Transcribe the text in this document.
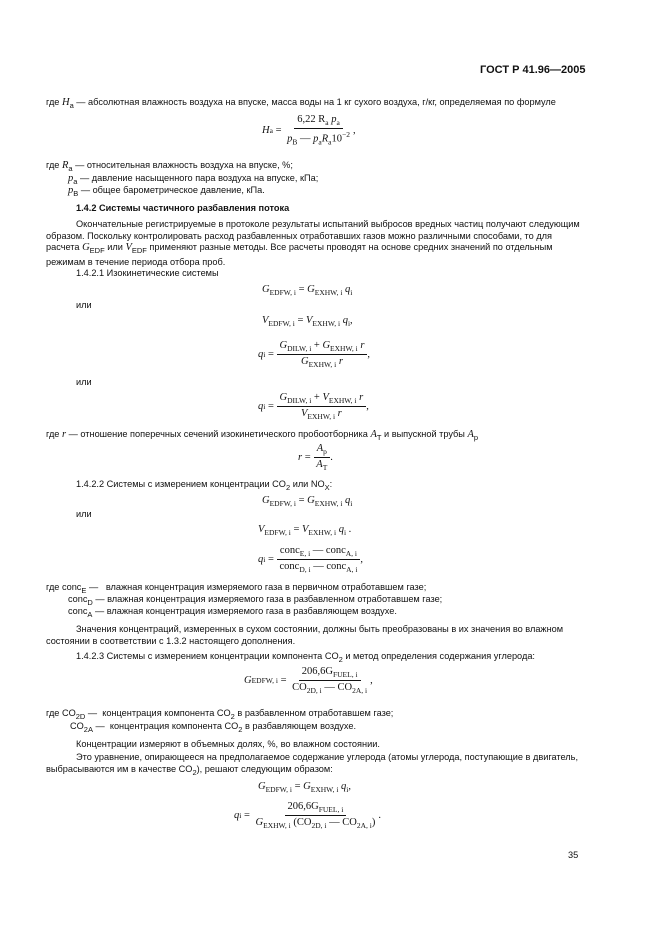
ГОСТ Р 41.96—2005
где $H_a$ — абсолютная влажность воздуха на впуске, масса воды на 1 кг сухого воздуха, г/кг, определяемая по формуле
H $a = \frac{6,22 R_a p_a}{p_B — p_aR_a10^{-2}}$ ,
где $R_a$ — относительная влажность воздуха на впуске, %;
$p_a$ — давление насыщенного пара воздуха на впуске, кПа;
$p_B$ — общее барометрическое давление, кПа.
1.4.2 Системы частичного разбавления потока
Окончательные регистрируемые в протоколе результаты испытаний выбросов вредных частиц получают следующим образом. Поскольку контролировать расход разбавленных отработавших газов можно различными способами, то для расчета $G_{EDF}$ или $V_{EDF}$ применяют разные методы. Все расчеты проводят на основе средних значений по отдельным режимам в течение периода отбора проб.
1.4.2.1 Изокинетические системы
$G_{EDFW, i} = G_{EXHW, i}$ $q_i$
или
$V_{EDFW, i} = V_{EXHW, i}$ $q_i$,
q i
=
$\frac{G_{DILW, i} + G_{EXHW, i} r}{G_{EXHW, i} r}$ ,
или
q i
=
$\frac{G_{DILW, i} + V_{EXHW, i} r}{V_{EXHW, i} r}$ ,
где r — отношение поперечных сечений изокинетического пробоотборника $A_T$ и выпускной трубы $A_p$
$r = \frac{A_p}{A_T}$ .
1.4.2.2 Системы с измерением концентрации $CO_2$ или $NO_X$:
$G_{EDFW, i} = G_{EXHW, i}$ $q_i$
или
$V_{EDFW, i} = V_{EXHW, i}$ $q_i$ .
q $i = \frac{conc_{E, i} — conc_{A, i}}{conc_{D, i} — conc_{A, i}}$ ,
где conc$_E$ —   влажная концентрация измеряемого газа в первичном отработавшем газе;
conc$_D$ — влажная концентрация измеряемого газа в разбавленном отработавшем газе;
conc$_A$ — влажная концентрация измеряемого газа в разбавляющем воздухе.
Значения концентраций, измеренных в сухом состоянии, должны быть преобразованы в их значения во влажном состоянии в соответствии с 1.3.2 настоящего дополнения.
1.4.2.3 Системы с измерением концентрации компонента $CO_2$ и метод определения содержания углерода:
G EDFW, $i = \frac{206,6G_{FUEL, i}}{CO_{2D, i} — CO_{2A, i}}$ ,
где $CO_{2D}$ —  концентрация компонента $CO_2$ в разбавленном отработавшем газе;
$CO_{2A}$ —  концентрация компонента $CO_2$ в разбавляющем воздухе.
Концентрации измеряют в объемных долях, %, во влажном состоянии.
Это уравнение, опирающееся на предполагаемое содержание углерода (атомы углерода, поступающие в двигатель, выбрасываются им в качестве $CO_2$), решают следующим образом:
$G_{EDFW, i} = G_{EXHW, i}$ $q_i$,
q $i = \frac{206,6G_{FUEL, i}}{G_{EXHW, i} (CO_{2D, i} — CO_{2A, i})}$ .
35
